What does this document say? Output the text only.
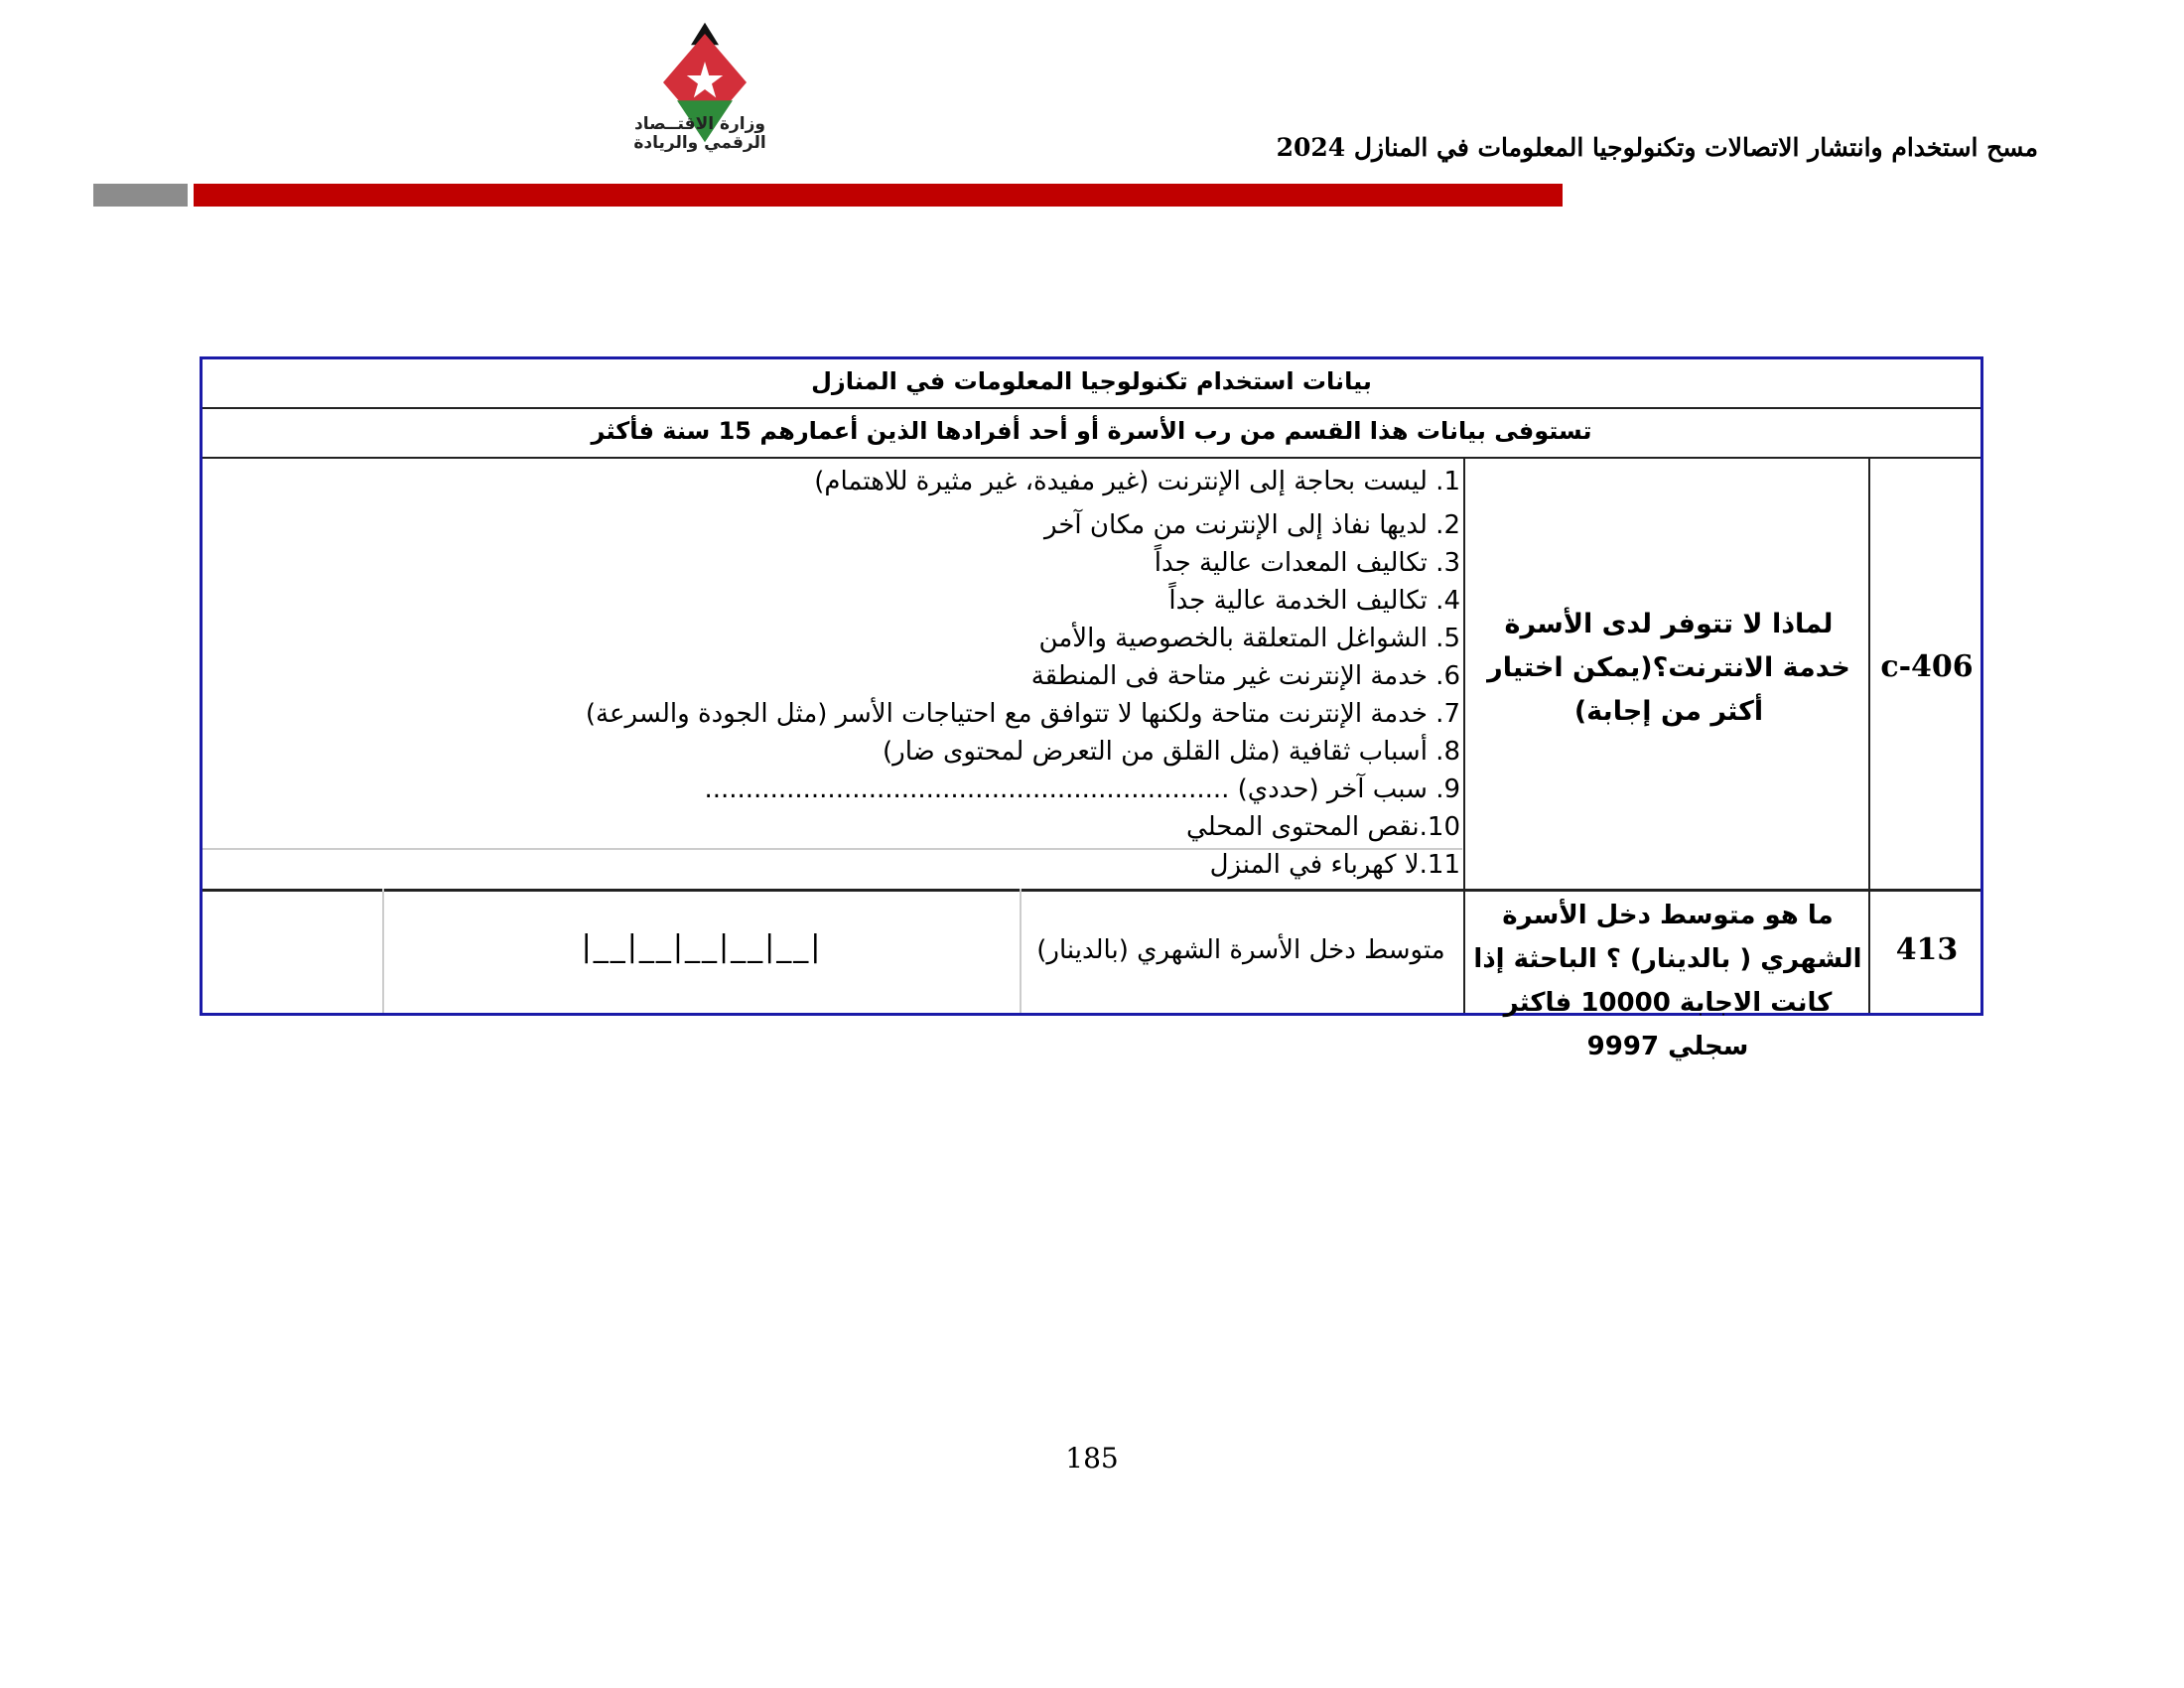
وزارة الاقتــصاد
الرقمي والريادة	مسح استخدام وانتشار الاتصالات وتكنولوجيا المعلومات في المنازل 2024
بيانات استخدام تكنولوجيا المعلومات في المنازل
تستوفى بيانات هذا القسم من رب الأسرة أو أحد أفرادها الذين أعمارهم 15 سنة فأكثر
406-c
لماذا لا تتوفر لدى الأسرة خدمة الانترنت؟(يمكن اختيار أكثر من إجابة)
1. ليست بحاجة إلى الإنترنت (غير مفيدة، غير مثيرة للاهتمام)
2. لديها نفاذ إلى الإنترنت من مكان آخر
3. تكاليف المعدات عالية جداً
4. تكاليف الخدمة عالية جداً
5. الشواغل المتعلقة بالخصوصية والأمن
6. خدمة الإنترنت غير متاحة فى المنطقة
7. خدمة الإنترنت متاحة ولكنها لا تتوافق مع احتياجات الأسر (مثل الجودة والسرعة)
8. أسباب ثقافية (مثل القلق من التعرض لمحتوى ضار)
9. سبب آخر (حددي) ................................................................
10.نقص المحتوى المحلي
11.لا كهرباء في المنزل
413
ما هو متوسط دخل الأسرة الشهري ( بالدينار) ؟ الباحثة إذا كانت الاجابة 10000 فاكثر سجلي 9997
متوسط دخل الأسرة الشهري (بالدينار)
|__|__|__|__|__|
185
